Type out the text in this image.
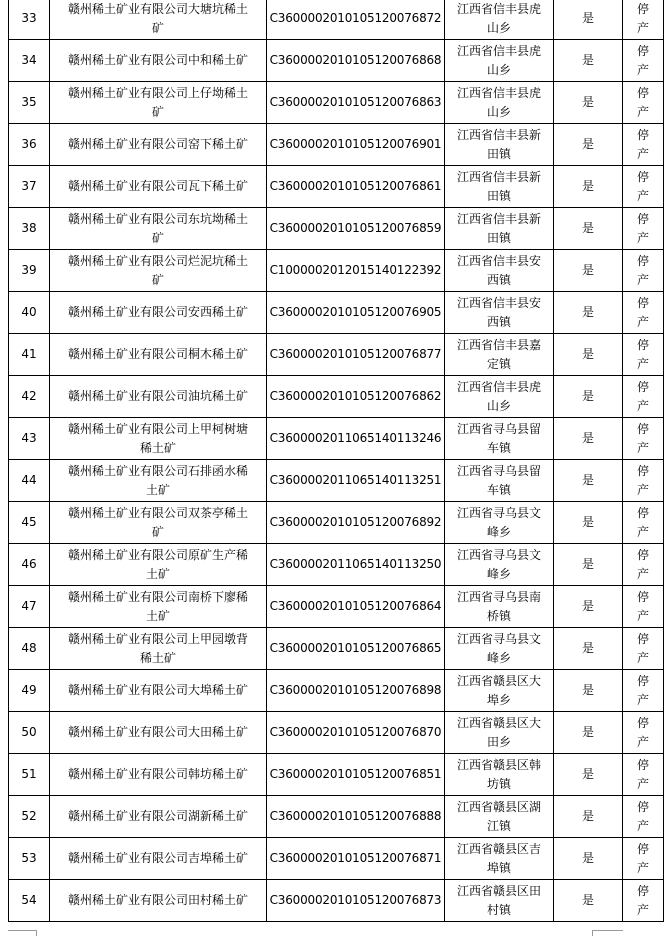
33	赣州稀土矿业有限公司大塘坑稀土矿	C3600002010105120076872	江西省信丰县虎山乡	是	停产

34	赣州稀土矿业有限公司中和稀土矿	C3600002010105120076868	江西省信丰县虎山乡	是	停产

35	赣州稀土矿业有限公司上仔坳稀土矿	C3600002010105120076863	江西省信丰县虎山乡	是	停产

36	赣州稀土矿业有限公司窑下稀土矿	C3600002010105120076901	江西省信丰县新田镇	是	停产

37	赣州稀土矿业有限公司瓦下稀土矿	C3600002010105120076861	江西省信丰县新田镇	是	停产

38	赣州稀土矿业有限公司东坑坳稀土矿	C3600002010105120076859	江西省信丰县新田镇	是	停产

39	赣州稀土矿业有限公司烂泥坑稀土矿	C1000002012015140122392	江西省信丰县安西镇	是	停产

40	赣州稀土矿业有限公司安西稀土矿	C3600002010105120076905	江西省信丰县安西镇	是	停产

41	赣州稀土矿业有限公司桐木稀土矿	C3600002010105120076877	江西省信丰县嘉定镇	是	停产

42	赣州稀土矿业有限公司油坑稀土矿	C3600002010105120076862	江西省信丰县虎山乡	是	停产

43	赣州稀土矿业有限公司上甲柯树塘稀土矿	C3600002011065140113246	江西省寻乌县留车镇	是	停产

44	赣州稀土矿业有限公司石排函水稀土矿	C3600002011065140113251	江西省寻乌县留车镇	是	停产

45	赣州稀土矿业有限公司双茶亭稀土矿	C3600002010105120076892	江西省寻乌县文峰乡	是	停产

46	赣州稀土矿业有限公司原矿生产稀土矿	C3600002011065140113250	江西省寻乌县文峰乡	是	停产

47	赣州稀土矿业有限公司南桥下廖稀土矿	C3600002010105120076864	江西省寻乌县南桥镇	是	停产

48	赣州稀土矿业有限公司上甲园墩背稀土矿	C3600002010105120076865	江西省寻乌县文峰乡	是	停产

49	赣州稀土矿业有限公司大埠稀土矿	C3600002010105120076898	江西省赣县区大埠乡	是	停产

50	赣州稀土矿业有限公司大田稀土矿	C3600002010105120076870	江西省赣县区大田乡	是	停产

51	赣州稀土矿业有限公司韩坊稀土矿	C3600002010105120076851	江西省赣县区韩坊镇	是	停产

52	赣州稀土矿业有限公司湖新稀土矿	C3600002010105120076888	江西省赣县区湖江镇	是	停产

53	赣州稀土矿业有限公司吉埠稀土矿	C3600002010105120076871	江西省赣县区吉埠镇	是	停产

54	赣州稀土矿业有限公司田村稀土矿	C3600002010105120076873	江西省赣县区田村镇	是	停产
